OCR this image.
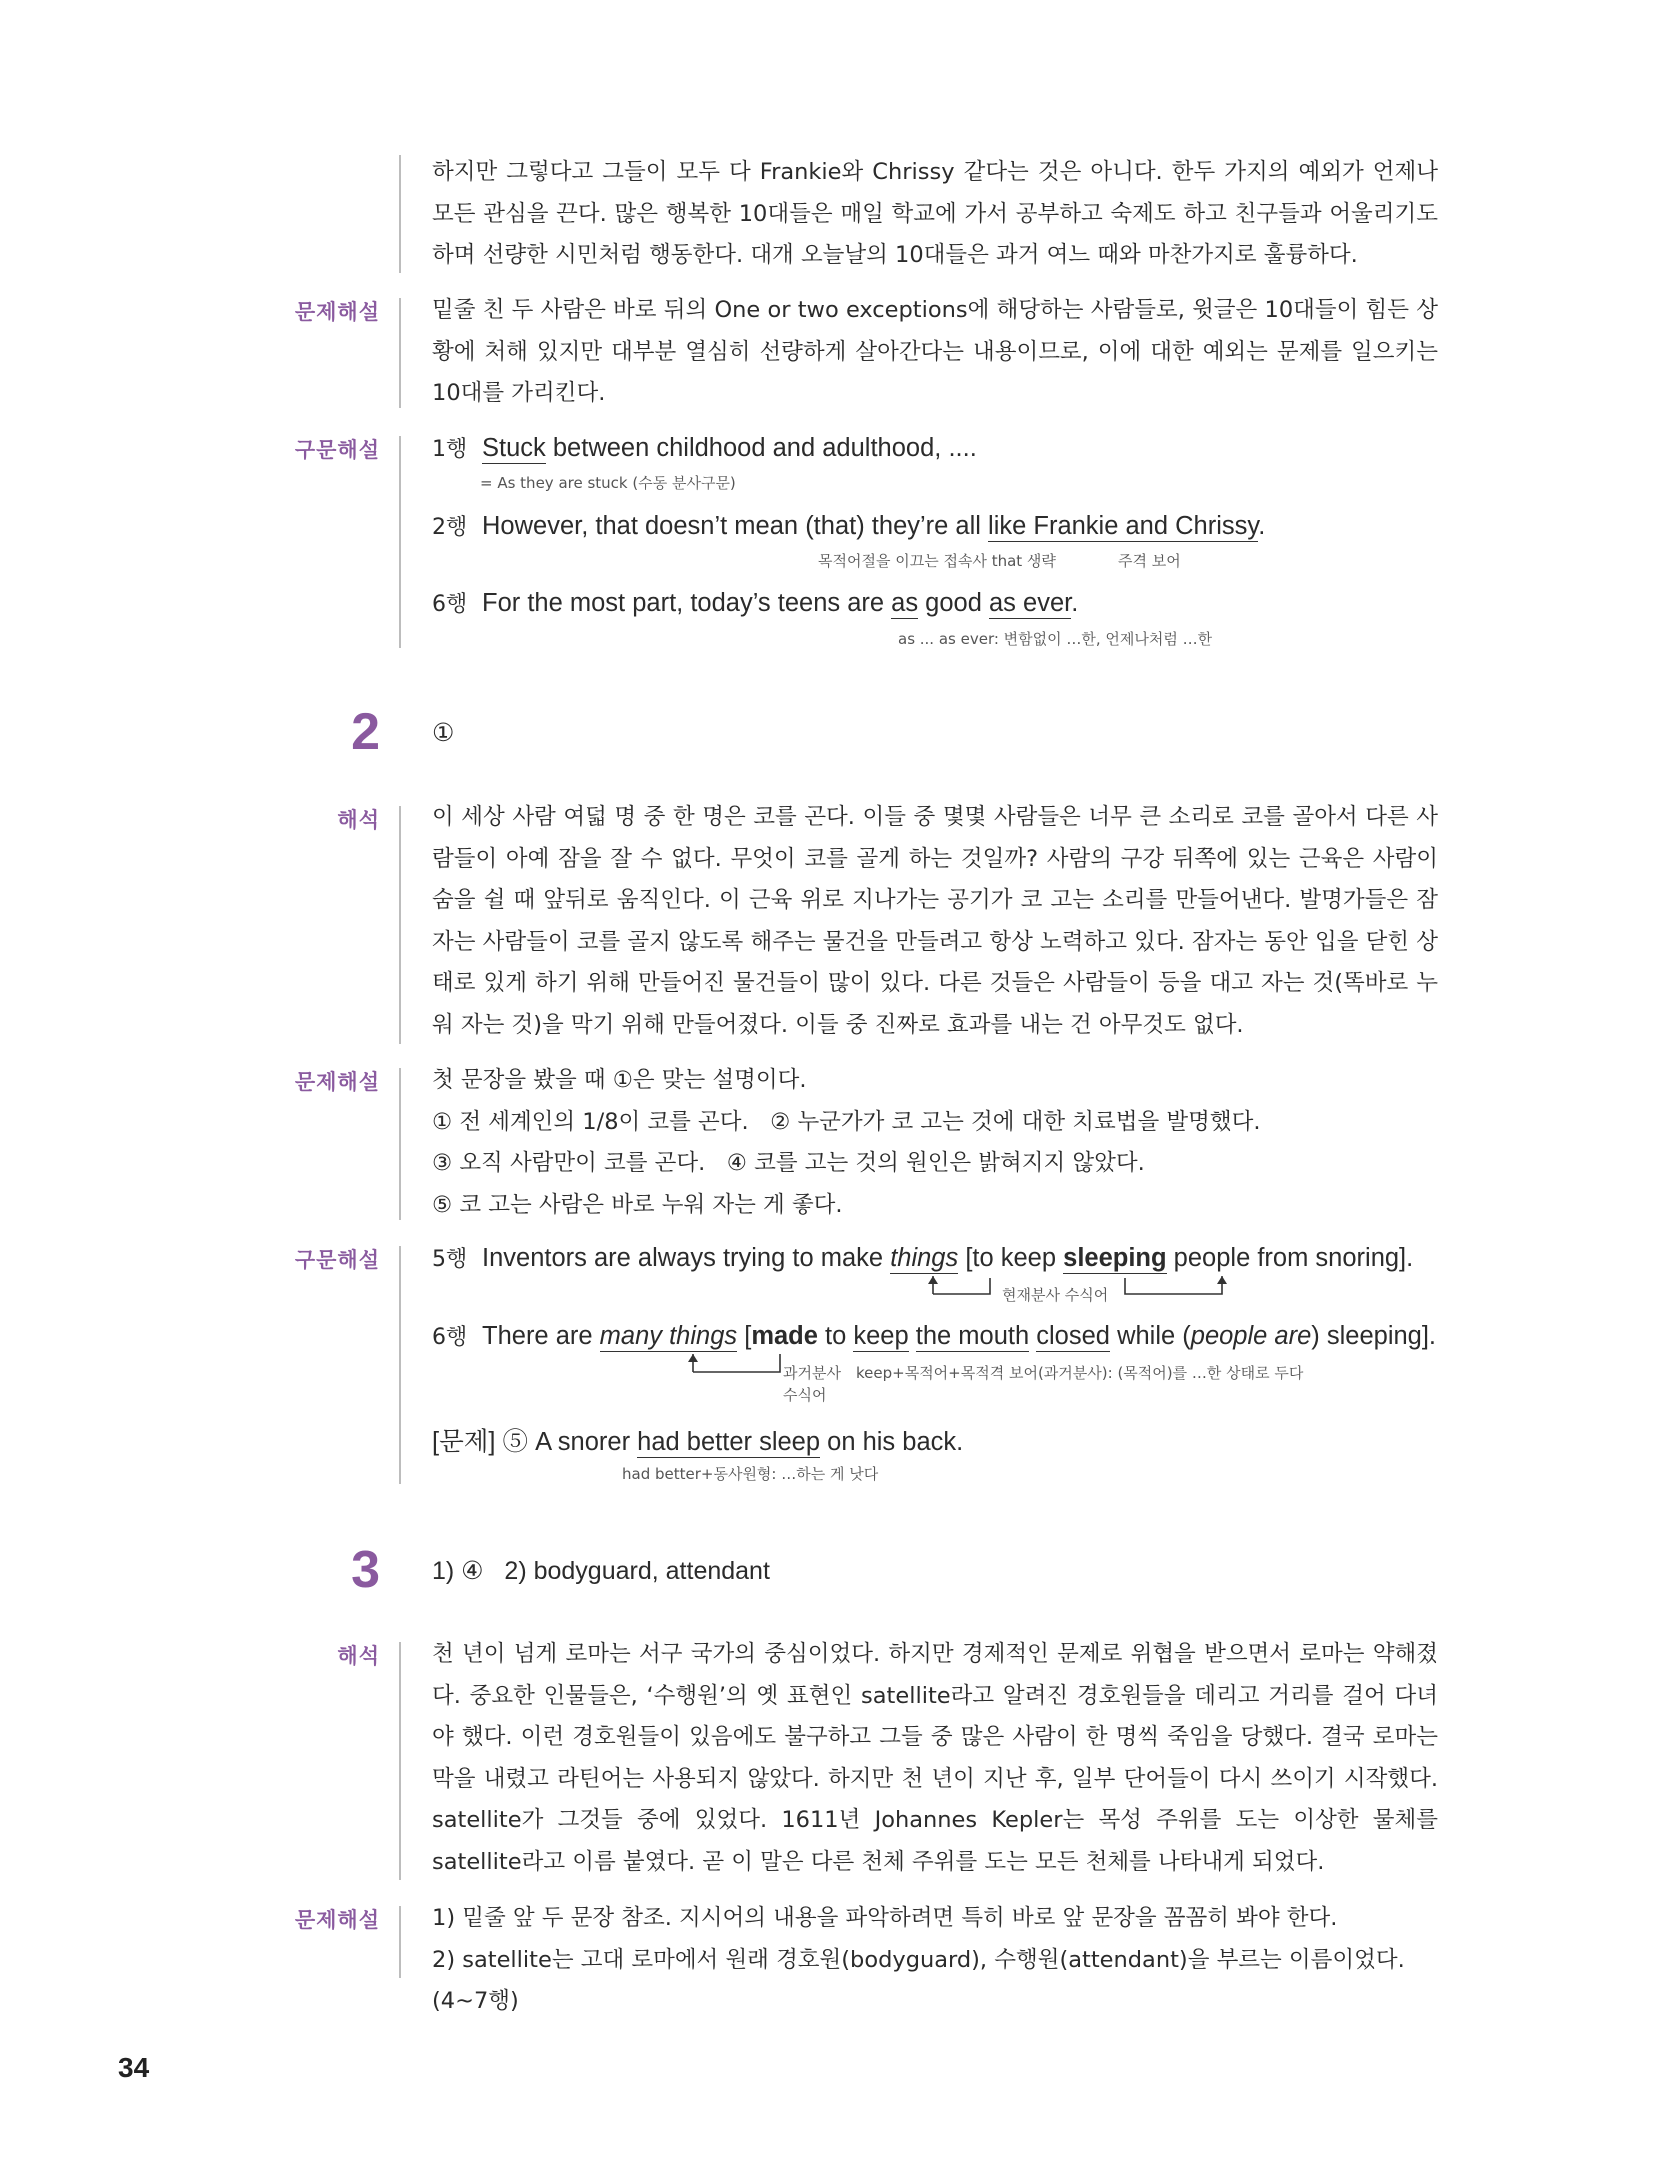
하지만 그렇다고 그들이 모두 다 Frankie와 Chrissy 같다는 것은 아니다. 한두 가지의 예외가 언제나 모든 관심을 끈다. 많은 행복한 10대들은 매일 학교에 가서 공부하고 숙제도 하고 친구들과 어울리기도 하며 선량한 시민처럼 행동한다. 대개 오늘날의 10대들은 과거 여느 때와 마찬가지로 훌륭하다.

문제해설 밑줄 친 두 사람은 바로 뒤의 One or two exceptions에 해당하는 사람들로, 윗글은 10대들이 힘든 상황에 처해 있지만 대부분 열심히 선량하게 살아간다는 내용이므로, 이에 대한 예외는 문제를 일으키는 10대를 가리킨다.

구문해설 1행 Stuck between childhood and adulthood, ....
= As they are stuck (수동 분사구문)
2행 However, that doesn’t mean (that) they’re all like Frankie and Chrissy.
목적어절을 이끄는 접속사 that 생략	주격 보어
6행 For the most part, today’s teens are as good as ever.
as ... as ever: 변함없이 …한, 언제나처럼 …한
2 ①
해석 이 세상 사람 여덟 명 중 한 명은 코를 곤다. 이들 중 몇몇 사람들은 너무 큰 소리로 코를 골아서 다른 사람들이 아예 잠을 잘 수 없다. 무엇이 코를 골게 하는 것일까? 사람의 구강 뒤쪽에 있는 근육은 사람이 숨을 쉴 때 앞뒤로 움직인다. 이 근육 위로 지나가는 공기가 코 고는 소리를 만들어낸다. 발명가들은 잠자는 사람들이 코를 골지 않도록 해주는 물건을 만들려고 항상 노력하고 있다. 잠자는 동안 입을 닫힌 상태로 있게 하기 위해 만들어진 물건들이 많이 있다. 다른 것들은 사람들이 등을 대고 자는 것(똑바로 누워 자는 것)을 막기 위해 만들어졌다. 이들 중 진짜로 효과를 내는 건 아무것도 없다.

문제해설 첫 문장을 봤을 때 ①은 맞는 설명이다.

① 전 세계인의 1/8이 코를 곤다. ② 누군가가 코 고는 것에 대한 치료법을 발명했다.

③ 오직 사람만이 코를 곤다. ④ 코를 고는 것의 원인은 밝혀지지 않았다.

⑤ 코 고는 사람은 바로 누워 자는 게 좋다.

구문해설 5행 Inventors are always trying to make things [to keep sleeping people from snoring].
현재분사 수식어
6행 There are many things [made to keep the mouth closed while (people are) sleeping].
과거분사
수식어
keep+목적어+목적격 보어(과거분사): (목적어)를 …한 상태로 두다
[문제] ⑤ A snorer had better sleep on his back.
had better+동사원형: …하는 게 낫다
3 1) ④   2) bodyguard, attendant
해석 천 년이 넘게 로마는 서구 국가의 중심이었다. 하지만 경제적인 문제로 위협을 받으면서 로마는 약해졌다. 중요한 인물들은, ‘수행원’의 옛 표현인 satellite라고 알려진 경호원들을 데리고 거리를 걸어 다녀야 했다. 이런 경호원들이 있음에도 불구하고 그들 중 많은 사람이 한 명씩 죽임을 당했다. 결국 로마는 막을 내렸고 라틴어는 사용되지 않았다. 하지만 천 년이 지난 후, 일부 단어들이 다시 쓰이기 시작했다. satellite가 그것들 중에 있었다. 1611년 Johannes Kepler는 목성 주위를 도는 이상한 물체를 satellite라고 이름 붙였다. 곧 이 말은 다른 천체 주위를 도는 모든 천체를 나타내게 되었다.

문제해설 1) 밑줄 앞 두 문장 참조. 지시어의 내용을 파악하려면 특히 바로 앞 문장을 꼼꼼히 봐야 한다.

2) satellite는 고대 로마에서 원래 경호원(bodyguard), 수행원(attendant)을 부르는 이름이었다. (4~7행)

34
